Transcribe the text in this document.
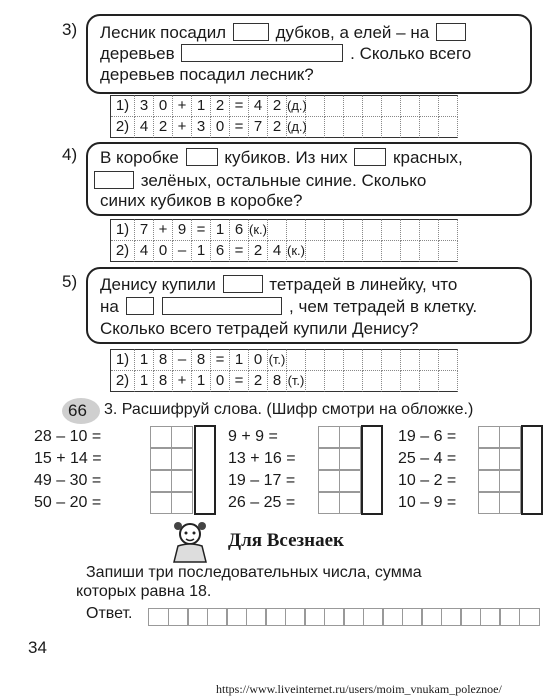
3) Лесник посадил	дубков, а елей – на
деревьев	. Сколько всего
деревьев посадил лесник?
4) В коробке	кубиков. Из них	красных,
зелёных, остальные синие. Сколько
синих кубиков в коробке?
5) Денису купили	тетрадей в линейку, что
на	, чем тетрадей в клетку.
Сколько всего тетрадей купили Денису?
1) 3 0 + 1 2 = 4 2 (д.)
2) 4 2 + 3 0 = 7 2 (д.)
1) 7 + 9 = 1 6 (к.)
2) 4 0 – 1 6 = 2 4 (к.)
1) 1 8 – 8 = 1 0 (т.)
2) 1 8 + 1 0 = 2 8 (т.)
66 3. Расшифруй слова. (Шифр смотри на обложке.)
28 – 10 =
15 + 14 =
49 – 30 =
50 – 20 =
9 + 9 =
13 + 16 =
19 – 17 =
26 – 25 =
19 – 6 =
25 – 4 =
10 – 2 =
10 – 9 =
Для Всезнаек
Запиши три последовательных числа, сумма
которых равна 18.
Ответ.
34
https://www.liveinternet.ru/users/moim_vnukam_poleznoe/
